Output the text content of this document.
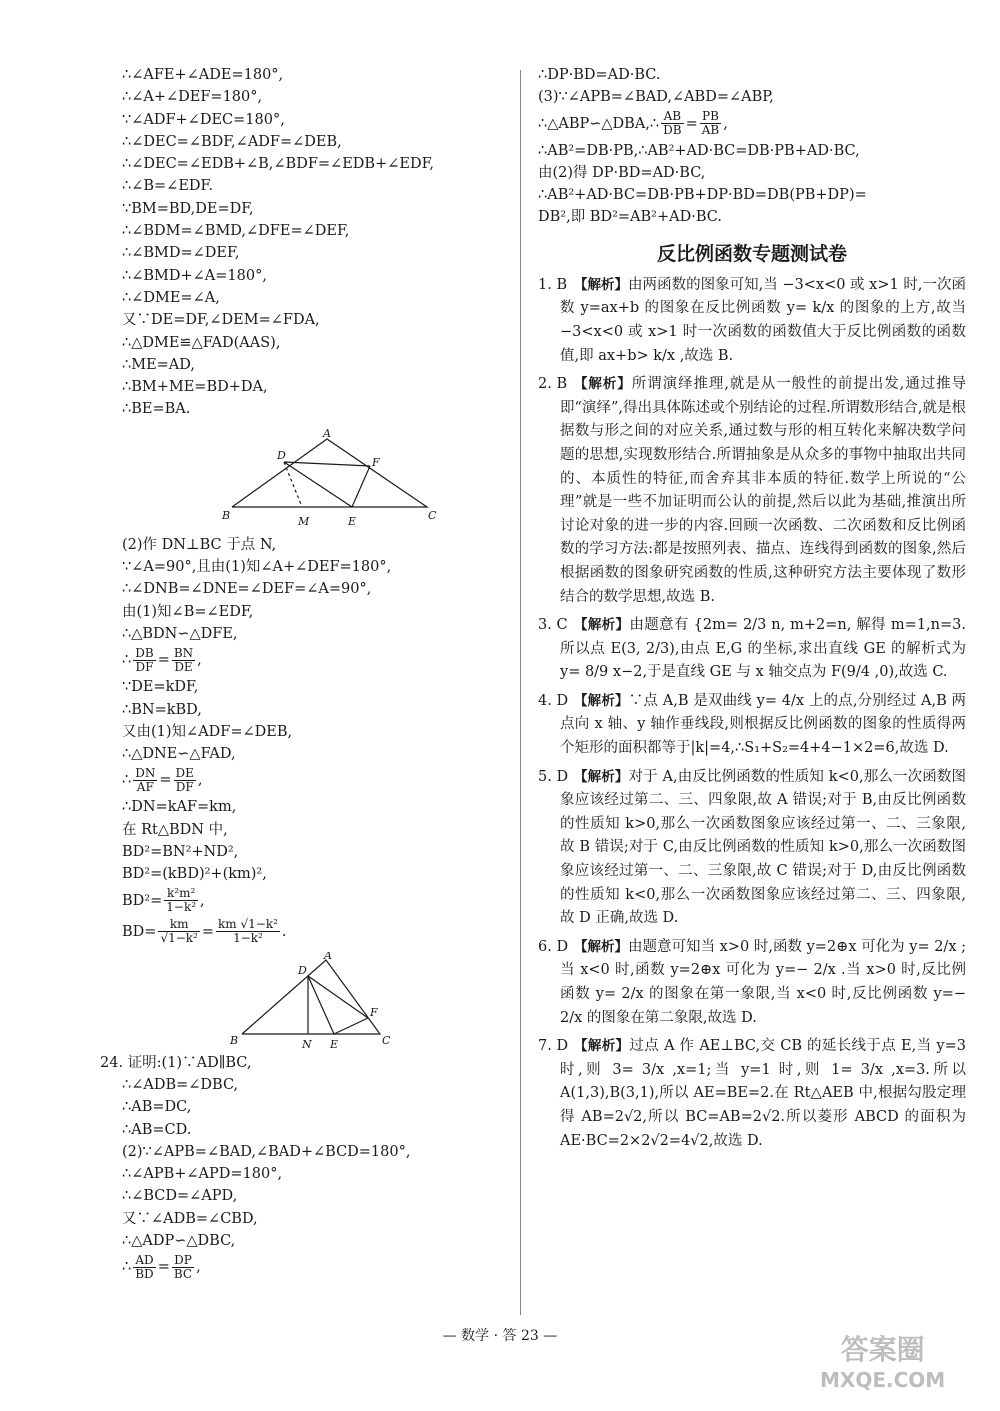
∴∠AFE+∠ADE=180°,
∴∠A+∠DEF=180°,
∵∠ADF+∠DEC=180°,
∴∠DEC=∠BDF,∠ADF=∠DEB,
∴∠DEC=∠EDB+∠B,∠BDF=∠EDB+∠EDF,
∴∠B=∠EDF.
∵BM=BD,DE=DF,
∴∠BDM=∠BMD,∠DFE=∠DEF,
∴∠BMD=∠DEF,
∴∠BMD+∠A=180°,
∴∠DME=∠A,
又∵DE=DF,∠DEM=∠FDA,
∴△DME≌△FAD(AAS),
∴ME=AD,
∴BM+ME=BD+DA,
∴BE=BA.
A
D
F
B	M	E	C
(2)作 DN⊥BC 于点 N,
∵∠A=90°,且由(1)知∠A+∠DEF=180°,
∴∠DNB=∠DNE=∠DEF=∠A=90°,
由(1)知∠B=∠EDF,
∴△BDN∽△DFE,
∴ $\frac{DB}{DF} = \frac{BN}{DE}$ ,
∵DE=kDF,
∴BN=kBD,
又由(1)知∠ADF=∠DEB,
∴△DNE∽△FAD,
∴ $\frac{DN}{AF} = \frac{DE}{DF}$ ,
∴DN=kAF=km,
在 Rt△BDN 中,
BD²=BN²+ND²,
BD²=(kBD)²+(km)²,
$BD^2= \frac{\text{k²m²}}{\text{1−k²}}$ ,
$BD= \frac{km}{\text{√1−k²}} = \frac{\text{km √1−k²}}{\text{1−k²}}$ .
A
D
F
B	N E	C
24. 证明:(1)∵AD∥BC,
∴∠ADB=∠DBC,
∴AB=DC,
∴AB=CD.
(2)∵∠APB=∠BAD,∠BAD+∠BCD=180°,
∴∠APB+∠APD=180°,
∴∠BCD=∠APD,
又∵∠ADB=∠CBD,
∴△ADP∽△DBC,
∴ $\frac{AD}{BD} = \frac{DP}{BC}$ ,
∴DP·BD=AD·BC.
(3)∵∠APB=∠BAD,∠ABD=∠ABP,
∴△ABP∽△DBA,∴ $\frac{AB}{DB} = \frac{PB}{AB}$ ,
∴AB²=DB·PB,∴AB²+AD·BC=DB·PB+AD·BC,
由(2)得 DP·BD=AD·BC,
∴AB²+AD·BC=DB·PB+DP·BD=DB(PB+DP)=
DB²,即 BD²=AB²+AD·BC.
反比例函数专题测试卷
1. B 【解析】由两函数的图象可知,当 −3<x<0 或 x>1 时,一次函数 y=ax+b 的图象在反比例函数 y= k/x 的图象的上方,故当 −3<x<0 或 x>1 时一次函数的函数值大于反比例函数的函数值,即 ax+b> k/x ,故选 B.
2. B 【解析】所谓演绎推理,就是从一般性的前提出发,通过推导即“演绎”,得出具体陈述或个别结论的过程.所谓数形结合,就是根据数与形之间的对应关系,通过数与形的相互转化来解决数学问题的思想,实现数形结合.所谓抽象是从众多的事物中抽取出共同的、本质性的特征,而舍弃其非本质的特征.数学上所说的“公理”就是一些不加证明而公认的前提,然后以此为基础,推演出所讨论对象的进一步的内容.回顾一次函数、二次函数和反比例函数的学习方法:都是按照列表、描点、连线得到函数的图象,然后根据函数的图象研究函数的性质,这种研究方法主要体现了数形结合的数学思想,故选 B.
3. C 【解析】由题意有 {2m= 2/3 n, m+2=n, 解得 m=1,n=3.所以点 E(3, 2/3),由点 E,G 的坐标,求出直线 GE 的解析式为 y= 8/9 x−2,于是直线 GE 与 x 轴交点为 F(9/4 ,0),故选 C.
4. D 【解析】∵点 A,B 是双曲线 y= 4/x 上的点,分别经过 A,B 两点向 x 轴、y 轴作垂线段,则根据反比例函数的图象的性质得两个矩形的面积都等于|k|=4,∴S₁+S₂=4+4−1×2=6,故选 D.
5. D 【解析】对于 A,由反比例函数的性质知 k<0,那么一次函数图象应该经过第二、三、四象限,故 A 错误;对于 B,由反比例函数的性质知 k>0,那么一次函数图象应该经过第一、二、三象限,故 B 错误;对于 C,由反比例函数的性质知 k>0,那么一次函数图象应该经过第一、二、三象限,故 C 错误;对于 D,由反比例函数的性质知 k<0,那么一次函数图象应该经过第二、三、四象限,故 D 正确,故选 D.
6. D 【解析】由题意可知当 x>0 时,函数 y=2⊕x 可化为 y= 2/x ;当 x<0 时,函数 y=2⊕x 可化为 y=− 2/x .当 x>0 时,反比例函数 y= 2/x 的图象在第一象限,当 x<0 时,反比例函数 y=− 2/x 的图象在第二象限,故选 D.
7. D 【解析】过点 A 作 AE⊥BC,交 CB 的延长线于点 E,当 y=3 时,则 3= 3/x ,x=1;当 y=1 时,则 1= 3/x ,x=3.所以 A(1,3),B(3,1),所以 AE=BE=2.在 Rt△AEB 中,根据勾股定理得 AB=2√2,所以 BC=AB=2√2.所以菱形 ABCD 的面积为 AE·BC=2×2√2=4√2,故选 D.
— 数学 · 答 23 —	答案圈
MXQE.COM
